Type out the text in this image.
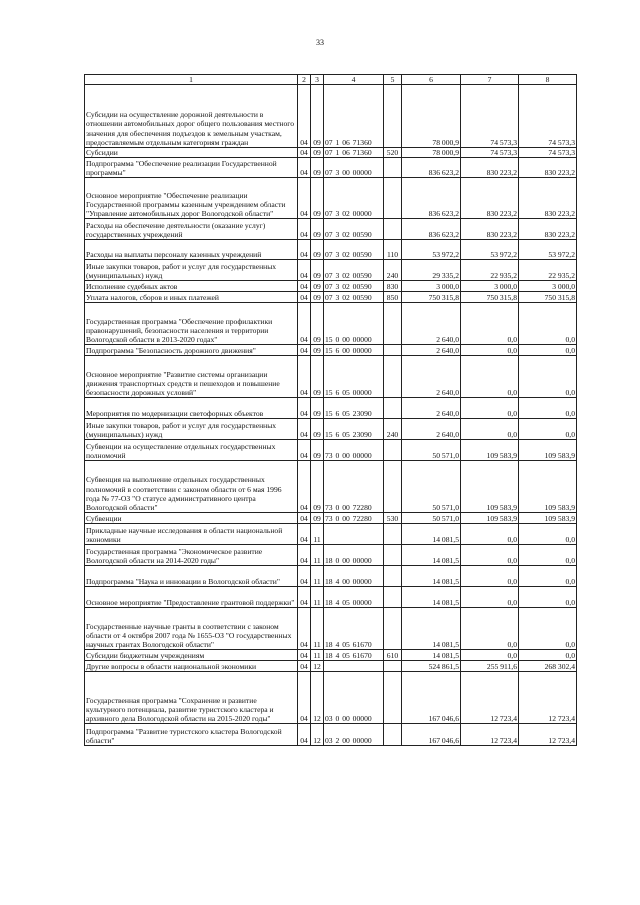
33
1	2	3	4	5	6	7	8
Субсидии на осуществление дорожной деятельности в отношении автомобильных дорог общего пользования местного значения для обеспечения подъездов к земельным участкам, предоставляемым отдельным категориям граждан	04	09	07 1 06 71360		78 000,9	74 573,3	74 573,3
Субсидии	04	09	07 1 06 71360	520	78 000,9	74 573,3	74 573,3
Подпрограмма "Обеспечение реализации Государственной программы"	04	09	07 3 00 00000		836 623,2	830 223,2	830 223,2
Основное мероприятие "Обеспечение реализации Государственной программы казенным учреждением области "Управление автомобильных дорог Вологодской области"	04	09	07 3 02 00000		836 623,2	830 223,2	830 223,2
Расходы на обеспечение деятельности (оказание услуг) государственных учреждений	04	09	07 3 02 00590		836 623,2	830 223,2	830 223,2
Расходы на выплаты персоналу казенных учреждений	04	09	07 3 02 00590	110	53 972,2	53 972,2	53 972,2
Иные закупки товаров, работ и услуг для государственных (муниципальных) нужд	04	09	07 3 02 00590	240	29 335,2	22 935,2	22 935,2
Исполнение судебных актов	04	09	07 3 02 00590	830	3 000,0	3 000,0	3 000,0
Уплата налогов, сборов и иных платежей	04	09	07 3 02 00590	850	750 315,8	750 315,8	750 315,8
Государственная программа "Обеспечение профилактики правонарушений, безопасности населения и территории Вологодской области в 2013-2020 годах"	04	09	15 0 00 00000		2 640,0	0,0	0,0
Подпрограмма "Безопасность дорожного движения"	04	09	15 6 00 00000		2 640,0	0,0	0,0
Основное мероприятие "Развитие системы организации движения транспортных средств и пешеходов и повышение безопасности дорожных условий"	04	09	15 6 05 00000		2 640,0	0,0	0,0
Мероприятия по модернизации светофорных объектов	04	09	15 6 05 23090		2 640,0	0,0	0,0
Иные закупки товаров, работ и услуг для государственных (муниципальных) нужд	04	09	15 6 05 23090	240	2 640,0	0,0	0,0
Субвенции на осуществление отдельных государственных полномочий	04	09	73 0 00 00000		50 571,0	109 583,9	109 583,9
Субвенция на выполнение отдельных государственных полномочий в соответствии с законом области от 6 мая 1996 года № 77-ОЗ "О статусе административного центра Вологодской области"	04	09	73 0 00 72280		50 571,0	109 583,9	109 583,9
Субвенции	04	09	73 0 00 72280	530	50 571,0	109 583,9	109 583,9
Прикладные научные исследования в области национальной экономики	04	11			14 081,5	0,0	0,0
Государственная программа "Экономическое развитие Вологодской области на 2014-2020 годы"	04	11	18 0 00 00000		14 081,5	0,0	0,0
Подпрограмма "Наука и инновации в Вологодской области"	04	11	18 4 00 00000		14 081,5	0,0	0,0
Основное мероприятие "Предоставление грантовой поддержки"	04	11	18 4 05 00000		14 081,5	0,0	0,0
Государственные научные гранты в соответствии с законом области от 4 октября 2007 года № 1655-ОЗ "О государственных научных грантах Вологодской области"	04	11	18 4 05 61670		14 081,5	0,0	0,0
Субсидии бюджетным учреждениям	04	11	18 4 05 61670	610	14 081,5	0,0	0,0
Другие вопросы в области национальной экономики	04	12			524 861,5	255 911,6	268 302,4
Государственная программа "Сохранение и развитие культурного потенциала, развитие туристского кластера и архивного дела Вологодской области на 2015-2020 годы"	04	12	03 0 00 00000		167 046,6	12 723,4	12 723,4
Подпрограмма "Развитие туристского кластера Вологодской области"	04	12	03 2 00 00000		167 046,6	12 723,4	12 723,4
